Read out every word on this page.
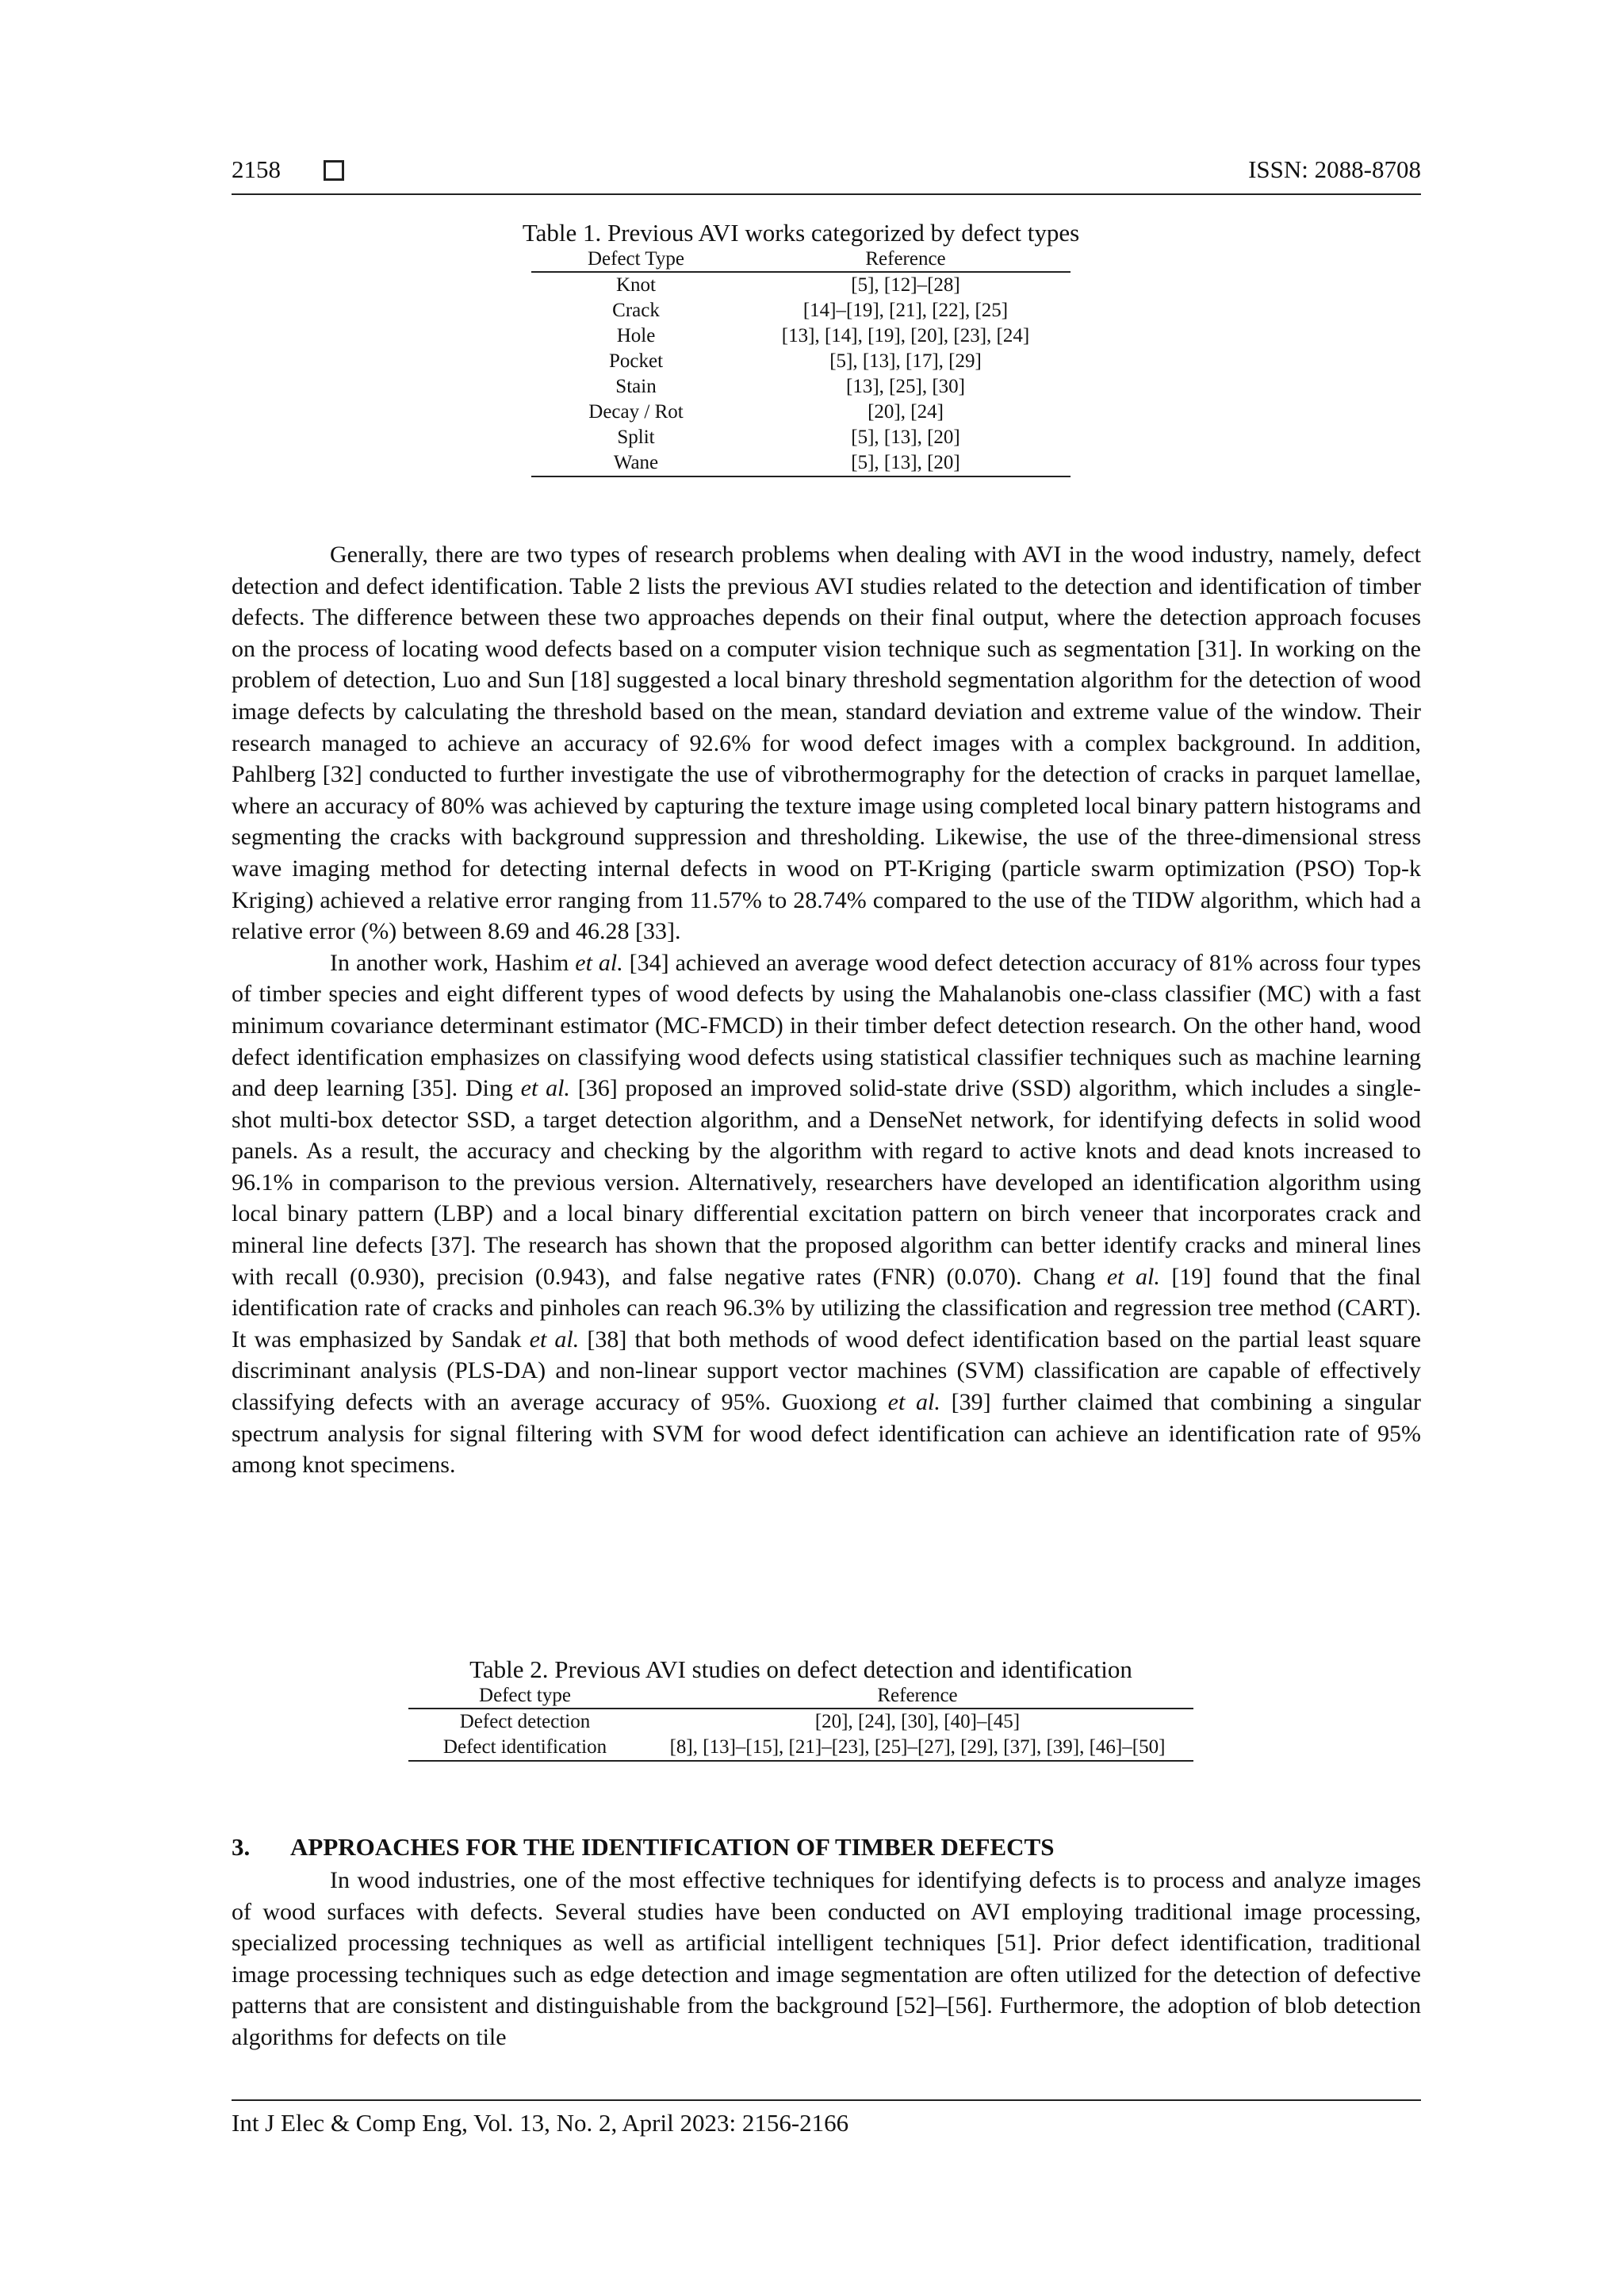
2158	ISSN: 2088-8708
Table 1. Previous AVI works categorized by defect types
Defect Type	Reference
Knot	[5], [12]–[28]
Crack	[14]–[19], [21], [22], [25]
Hole	[13], [14], [19], [20], [23], [24]
Pocket	[5], [13], [17], [29]
Stain	[13], [25], [30]
Decay / Rot	[20], [24]
Split	[5], [13], [20]
Wane	[5], [13], [20]

Generally, there are two types of research problems when dealing with AVI in the wood industry, namely, defect detection and defect identification. Table 2 lists the previous AVI studies related to the detection and identification of timber defects. The difference between these two approaches depends on their final output, where the detection approach focuses on the process of locating wood defects based on a computer vision technique such as segmentation [31]. In working on the problem of detection, Luo and Sun [18] suggested a local binary threshold segmentation algorithm for the detection of wood image defects by calculating the threshold based on the mean, standard deviation and extreme value of the window. Their research managed to achieve an accuracy of 92.6% for wood defect images with a complex background. In addition, Pahlberg [32] conducted to further investigate the use of vibrothermography for the detection of cracks in parquet lamellae, where an accuracy of 80% was achieved by capturing the texture image using completed local binary pattern histograms and segmenting the cracks with background suppression and thresholding. Likewise, the use of the three-dimensional stress wave imaging method for detecting internal defects in wood on PT-Kriging (particle swarm optimization (PSO) Top-k Kriging) achieved a relative error ranging from 11.57% to 28.74% compared to the use of the TIDW algorithm, which had a relative error (%) between 8.69 and 46.28 [33].

In another work, Hashim et al. [34] achieved an average wood defect detection accuracy of 81% across four types of timber species and eight different types of wood defects by using the Mahalanobis one-class classifier (MC) with a fast minimum covariance determinant estimator (MC-FMCD) in their timber defect detection research. On the other hand, wood defect identification emphasizes on classifying wood defects using statistical classifier techniques such as machine learning and deep learning [35]. Ding et al. [36] proposed an improved solid-state drive (SSD) algorithm, which includes a single-shot multi-box detector SSD, a target detection algorithm, and a DenseNet network, for identifying defects in solid wood panels. As a result, the accuracy and checking by the algorithm with regard to active knots and dead knots increased to 96.1% in comparison to the previous version. Alternatively, researchers have developed an identification algorithm using local binary pattern (LBP) and a local binary differential excitation pattern on birch veneer that incorporates crack and mineral line defects [37]. The research has shown that the proposed algorithm can better identify cracks and mineral lines with recall (0.930), precision (0.943), and false negative rates (FNR) (0.070). Chang et al. [19] found that the final identification rate of cracks and pinholes can reach 96.3% by utilizing the classification and regression tree method (CART). It was emphasized by Sandak et al. [38] that both methods of wood defect identification based on the partial least square discriminant analysis (PLS-DA) and non-linear support vector machines (SVM) classification are capable of effectively classifying defects with an average accuracy of 95%. Guoxiong et al. [39] further claimed that combining a singular spectrum analysis for signal filtering with SVM for wood defect identification can achieve an identification rate of 95% among knot specimens.

Table 2. Previous AVI studies on defect detection and identification
Defect type	Reference
Defect detection	[20], [24], [30], [40]–[45]
Defect identification	[8], [13]–[15], [21]–[23], [25]–[27], [29], [37], [39], [46]–[50]
3. APPROACHES FOR THE IDENTIFICATION OF TIMBER DEFECTS

In wood industries, one of the most effective techniques for identifying defects is to process and analyze images of wood surfaces with defects. Several studies have been conducted on AVI employing traditional image processing, specialized processing techniques as well as artificial intelligent techniques [51]. Prior defect identification, traditional image processing techniques such as edge detection and image segmentation are often utilized for the detection of defective patterns that are consistent and distinguishable from the background [52]–[56]. Furthermore, the adoption of blob detection algorithms for defects on tile

Int J Elec & Comp Eng, Vol. 13, No. 2, April 2023: 2156-2166
